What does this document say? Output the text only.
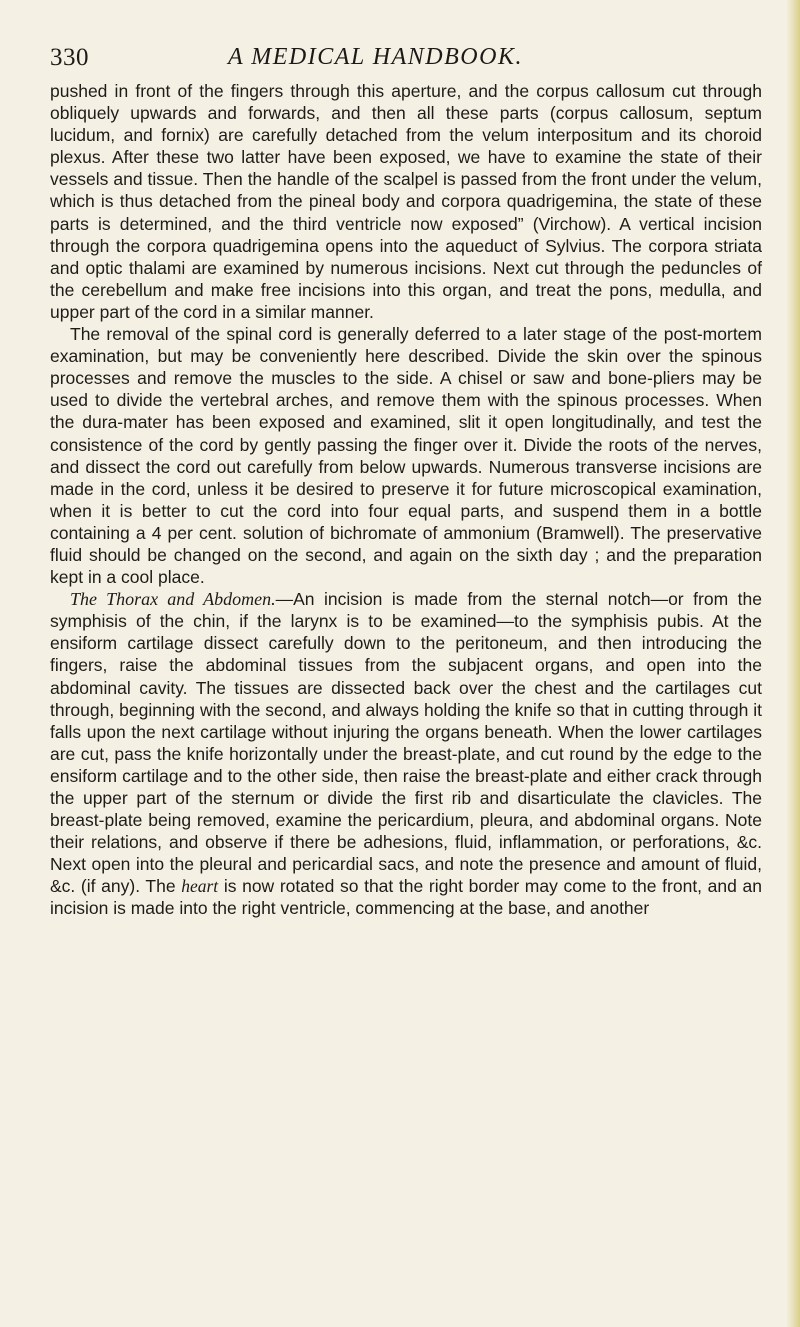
330	A MEDICAL HANDBOOK.

pushed in front of the fingers through this aperture, and the corpus callosum cut through obliquely upwards and forwards, and then all these parts (corpus callosum, septum lucidum, and fornix) are carefully detached from the velum interpositum and its choroid plexus. After these two latter have been exposed, we have to examine the state of their vessels and tissue. Then the handle of the scalpel is passed from the front under the velum, which is thus detached from the pineal body and corpora quadrigemina, the state of these parts is determined, and the third ventricle now exposed” (Virchow). A vertical incision through the corpora quadrigemina opens into the aqueduct of Sylvius. The corpora striata and optic thalami are examined by numerous incisions. Next cut through the peduncles of the cerebellum and make free incisions into this organ, and treat the pons, medulla, and upper part of the cord in a similar manner.

The removal of the spinal cord is generally deferred to a later stage of the post-mortem examination, but may be conveniently here described. Divide the skin over the spinous processes and remove the muscles to the side. A chisel or saw and bone-pliers may be used to divide the vertebral arches, and remove them with the spinous processes. When the dura-mater has been exposed and examined, slit it open longitudinally, and test the consistence of the cord by gently passing the finger over it. Divide the roots of the nerves, and dissect the cord out carefully from below upwards. Numerous transverse incisions are made in the cord, unless it be desired to preserve it for future microscopical examination, when it is better to cut the cord into four equal parts, and suspend them in a bottle containing a 4 per cent. solution of bichromate of ammonium (Bramwell). The preservative fluid should be changed on the second, and again on the sixth day ; and the preparation kept in a cool place.

The Thorax and Abdomen.—An incision is made from the sternal notch—or from the symphisis of the chin, if the larynx is to be examined—to the symphisis pubis. At the ensiform cartilage dissect carefully down to the peritoneum, and then introducing the fingers, raise the abdominal tissues from the subjacent organs, and open into the abdominal cavity. The tissues are dissected back over the chest and the cartilages cut through, beginning with the second, and always holding the knife so that in cutting through it falls upon the next cartilage without injuring the organs beneath. When the lower cartilages are cut, pass the knife horizontally under the breast-plate, and cut round by the edge to the ensiform cartilage and to the other side, then raise the breast-plate and either crack through the upper part of the sternum or divide the first rib and disarticulate the clavicles. The breast-plate being removed, examine the pericardium, pleura, and abdominal organs. Note their relations, and observe if there be adhesions, fluid, inflammation, or perforations, &c. Next open into the pleural and pericardial sacs, and note the presence and amount of fluid, &c. (if any). The heart is now rotated so that the right border may come to the front, and an incision is made into the right ventricle, commencing at the base, and another
